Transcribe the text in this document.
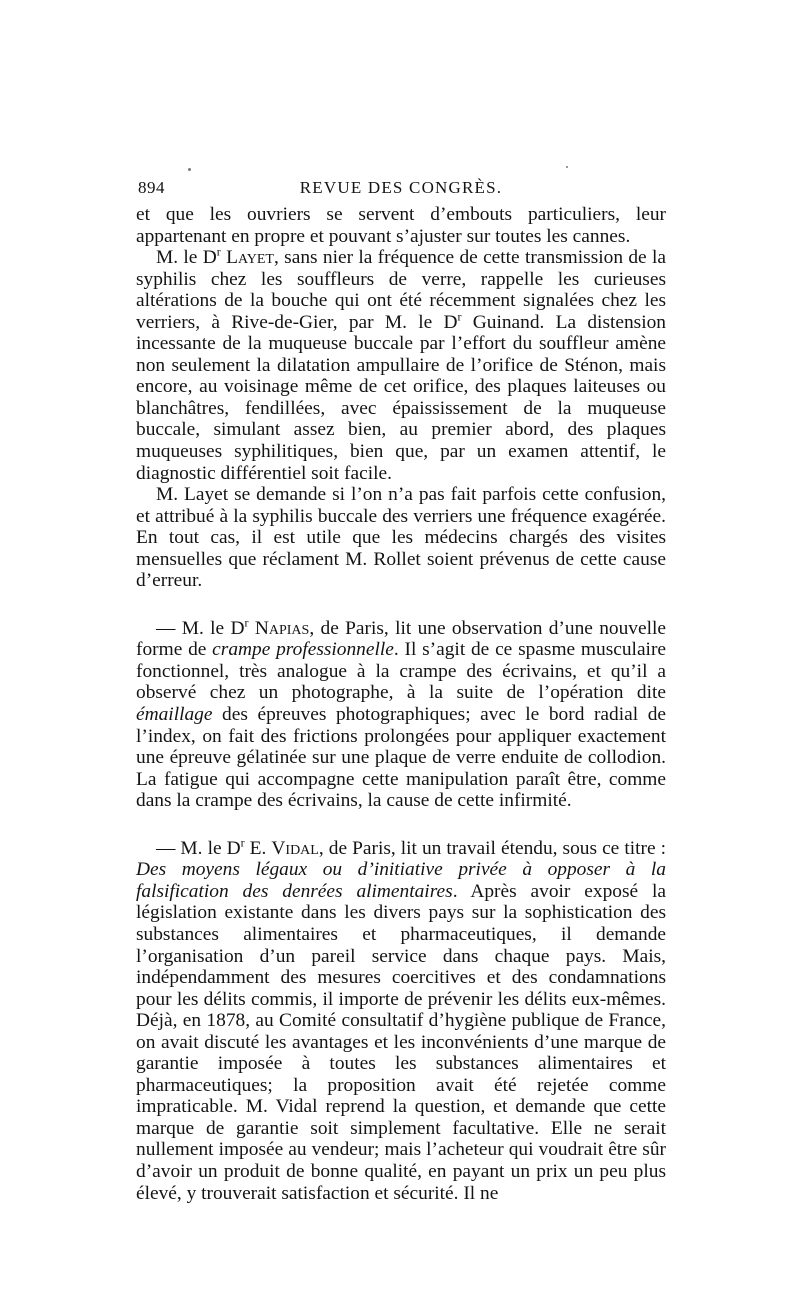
894	REVUE DES CONGRÈS.

et que les ouvriers se servent d’embouts particuliers, leur appartenant en propre et pouvant s’ajuster sur toutes les cannes.

M. le $D^r$ Layet, sans nier la fréquence de cette transmission de la syphilis chez les souffleurs de verre, rappelle les curieuses altérations de la bouche qui ont été récemment signalées chez les verriers, à Rive-de-Gier, par M. le $D^r$ Guinand. La distension incessante de la muqueuse buccale par l’effort du souffleur amène non seulement la dilatation ampullaire de l’orifice de Sténon, mais encore, au voisinage même de cet orifice, des plaques laiteuses ou blanchâtres, fendillées, avec épaississement de la muqueuse buccale, simulant assez bien, au premier abord, des plaques muqueuses syphilitiques, bien que, par un examen attentif, le diagnostic différentiel soit facile.

M. Layet se demande si l’on n’a pas fait parfois cette confusion, et attribué à la syphilis buccale des verriers une fréquence exagérée. En tout cas, il est utile que les médecins chargés des visites mensuelles que réclament M. Rollet soient prévenus de cette cause d’erreur.

— M. le $D^r$ Napias, de Paris, lit une observation d’une nouvelle forme de crampe professionnelle. Il s’agit de ce spasme musculaire fonctionnel, très analogue à la crampe des écrivains, et qu’il a observé chez un photographe, à la suite de l’opération dite émaillage des épreuves photographiques; avec le bord radial de l’index, on fait des frictions prolongées pour appliquer exactement une épreuve gélatinée sur une plaque de verre enduite de collodion. La fatigue qui accompagne cette manipulation paraît être, comme dans la crampe des écrivains, la cause de cette infirmité.

— M. le $D^r$ E. Vidal, de Paris, lit un travail étendu, sous ce titre : Des moyens légaux ou d’initiative privée à opposer à la falsification des denrées alimentaires. Après avoir exposé la législation existante dans les divers pays sur la sophistication des substances alimentaires et pharmaceutiques, il demande l’organisation d’un pareil service dans chaque pays. Mais, indépendamment des mesures coercitives et des condamnations pour les délits commis, il importe de prévenir les délits eux-mêmes. Déjà, en 1878, au Comité consultatif d’hygiène publique de France, on avait discuté les avantages et les inconvénients d’une marque de garantie imposée à toutes les substances alimentaires et pharmaceutiques; la proposition avait été rejetée comme impraticable. M. Vidal reprend la question, et demande que cette marque de garantie soit simplement facultative. Elle ne serait nullement imposée au vendeur; mais l’acheteur qui voudrait être sûr d’avoir un produit de bonne qualité, en payant un prix un peu plus élevé, y trouverait satisfaction et sécurité. Il ne
